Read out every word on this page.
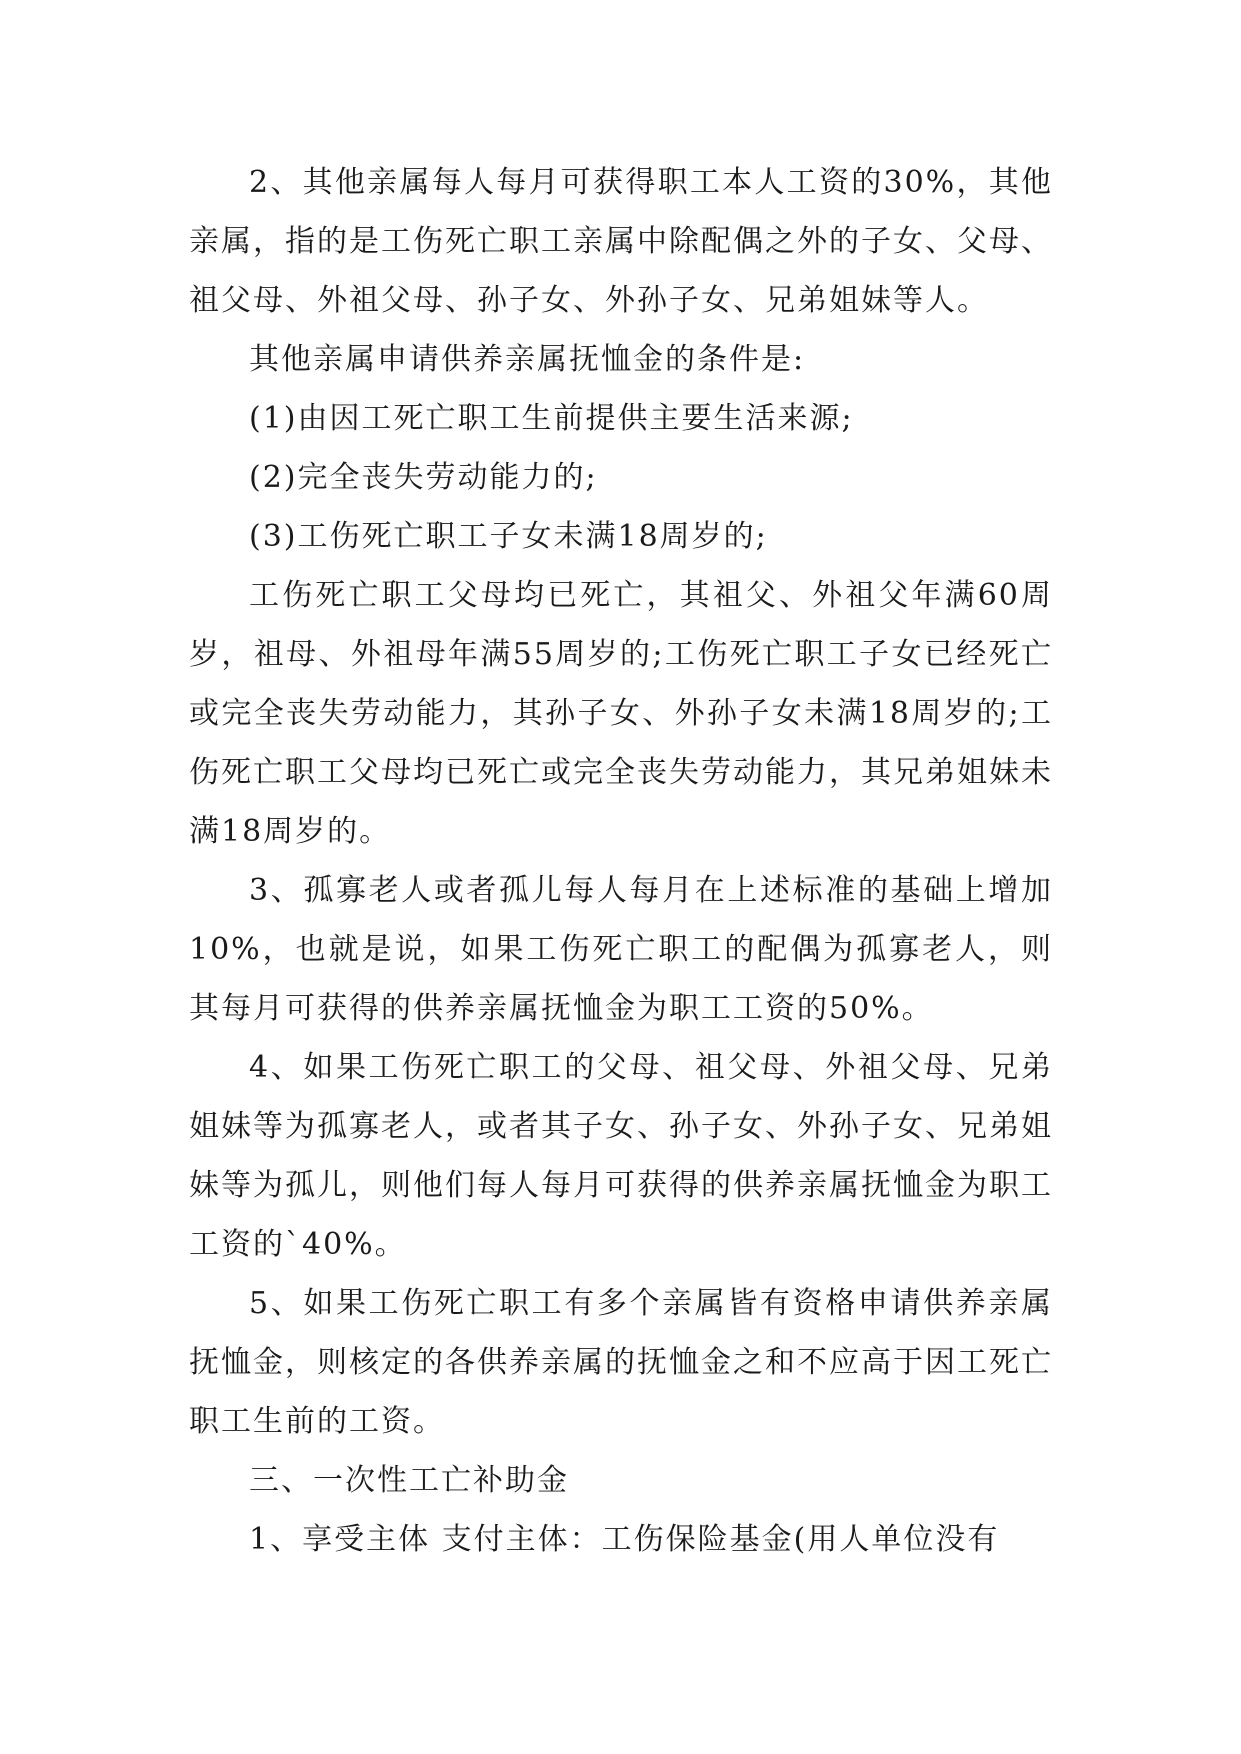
2、其他亲属每人每月可获得职工本人工资的30%，其他亲属，指的是工伤死亡职工亲属中除配偶之外的子女、父母、祖父母、外祖父母、孙子女、外孙子女、兄弟姐妹等人。

其他亲属申请供养亲属抚恤金的条件是:

(1)由因工死亡职工生前提供主要生活来源;

(2)完全丧失劳动能力的;

(3)工伤死亡职工子女未满18周岁的;

工伤死亡职工父母均已死亡，其祖父、外祖父年满60周岁，祖母、外祖母年满55周岁的;工伤死亡职工子女已经死亡或完全丧失劳动能力，其孙子女、外孙子女未满18周岁的;工伤死亡职工父母均已死亡或完全丧失劳动能力，其兄弟姐妹未满18周岁的。

3、孤寡老人或者孤儿每人每月在上述标准的基础上增加10%，也就是说，如果工伤死亡职工的配偶为孤寡老人，则其每月可获得的供养亲属抚恤金为职工工资的50%。

4、如果工伤死亡职工的父母、祖父母、外祖父母、兄弟姐妹等为孤寡老人，或者其子女、孙子女、外孙子女、兄弟姐妹等为孤儿，则他们每人每月可获得的供养亲属抚恤金为职工工资的`40%。

5、如果工伤死亡职工有多个亲属皆有资格申请供养亲属抚恤金，则核定的各供养亲属的抚恤金之和不应高于因工死亡职工生前的工资。

三、一次性工亡补助金

1、享受主体 支付主体：工伤保险基金(用人单位没有
